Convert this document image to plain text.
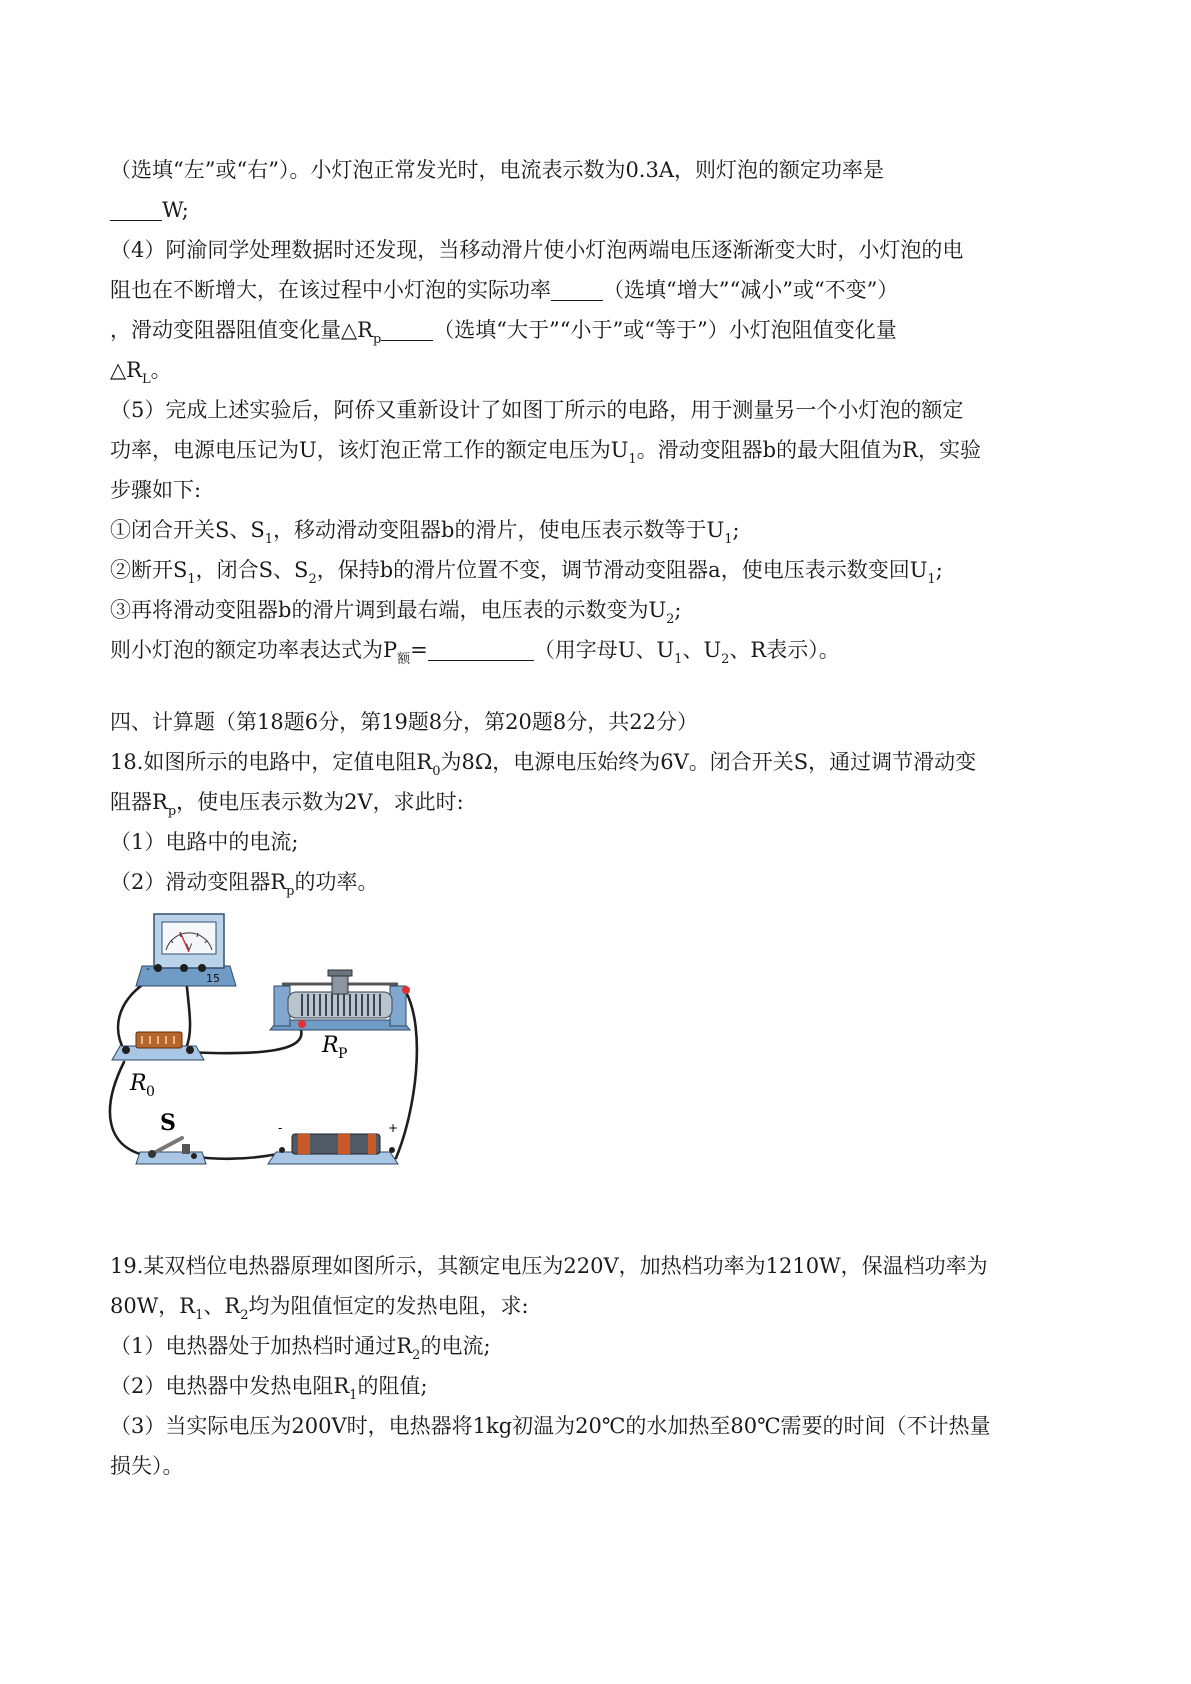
（选填“左”或“右”）。小灯泡正常发光时，电流表示数为0.3A，则灯泡的额定功率是
W;
（4）阿渝同学处理数据时还发现，当移动滑片使小灯泡两端电压逐渐渐变大时，小灯泡的电
阻也在不断增大，在该过程中小灯泡的实际功率 （选填“增大”“减小”或“不变”）
，滑动变阻器阻值变化量$\triangle R_p$ （选填“大于”“小于”或“等于”）小灯泡阻值变化量
$\triangle R_L$。
（5）完成上述实验后，阿侨又重新设计了如图丁所示的电路，用于测量另一个小灯泡的额定
功率，电源电压记为U，该灯泡正常工作的额定电压为$U_1$。滑动变阻器b的最大阻值为R，实验
步骤如下:
①闭合开关S、$S_1$，移动滑动变阻器b的滑片，使电压表示数等于$U_1$;
②断开$S_1$，闭合S、$S_2$，保持b的滑片位置不变，调节滑动变阻器a，使电压表示数变回$U_1$;
③再将滑动变阻器b的滑片调到最右端，电压表的示数变为$U_2$;
则小灯泡的额定功率表达式为$P_额=$	（用字母U、$U_1$、$U_2$、R表示）。
四、计算题（第18题6分，第19题8分，第20题8分，共22分）
18.如图所示的电路中，定值电阻$R_0$为8Ω，电源电压始终为6V。闭合开关S，通过调节滑动变
阻器$R_p$，使电压表示数为2V，求此时:
（1）电路中的电流;
（2）滑动变阻器$R_p$的功率。
V
-
15
R 0
R P
S	-	+
19.某双档位电热器原理如图所示，其额定电压为220V，加热档功率为1210W，保温档功率为
80W，$R_1$、$R_2$均为阻值恒定的发热电阻，求:
（1）电热器处于加热档时通过$R_2$的电流;
（2）电热器中发热电阻$R_1$的阻值;
（3）当实际电压为200V时，电热器将1kg初温为20℃的水加热至80℃需要的时间（不计热量
损失）。
